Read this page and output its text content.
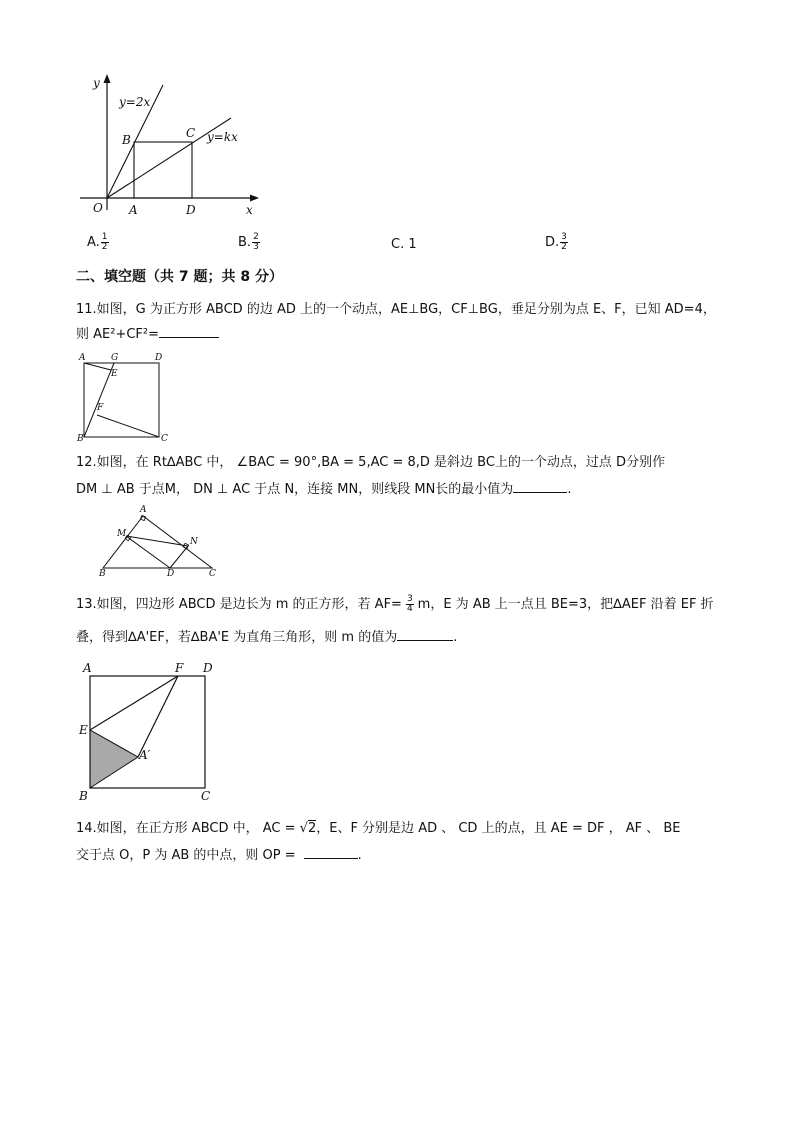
y
y=2x
B	C y=kx
O A	D	x
A. $\frac{1}{2}$	B. $\frac{2}{3}$	C. 1	D. $\frac{3}{2}$
二、填空题（共 7 题；共 8 分）
11.如图，G 为正方形 ABCD 的边 AD 上的一个动点，AE⊥BG，CF⊥BG，垂足分别为点 E、F，已知 AD=4，
则 AE²+CF²=
A	G	D
E
F
B	C
12.如图，在 Rt∆ABC 中， ∠BAC = 90°,BA = 5,AC = 8,D 是斜边 BC上的一个动点，过点 D分别作
DM ⊥ AB 于点M， DN ⊥ AC 于点 N，连接 MN，则线段 MN长的最小值为	.
A
M
N
B	D	C
13.如图，四边形 ABCD 是边长为 m 的正方形，若 $AF= \frac{3}{4}$ m，E 为 AB 上一点且 BE=3，把∆AEF 沿着 EF 折
叠，得到∆A'EF，若∆BA'E 为直角三角形，则 m 的值为	.
A	F D
E
A′
B	C
14.如图，在正方形 ABCD 中， AC = √2，E、F 分别是边 AD 、 CD 上的点，且 AE = DF ， AF 、 BE
交于点 O，P 为 AB 的中点，则 OP =	.
